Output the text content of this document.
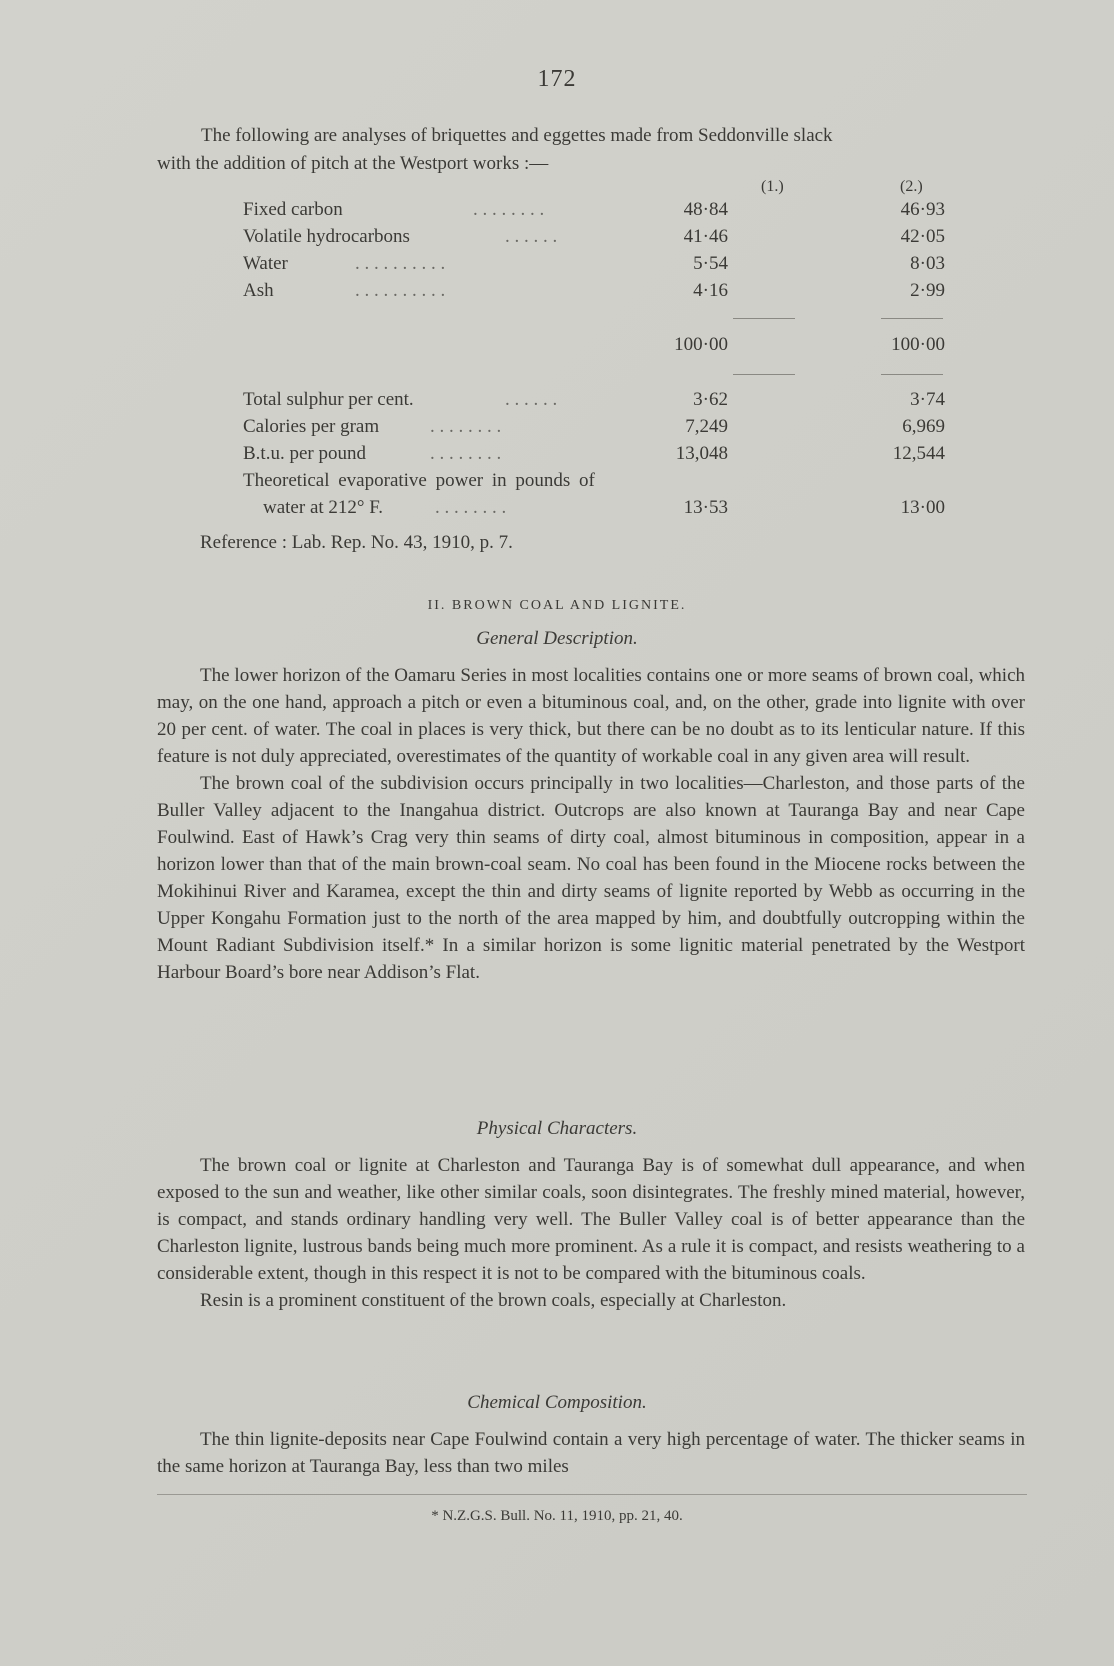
172
The following are analyses of briquettes and eggettes made from Seddonville slack
with the addition of pitch at the Westport works :—
(1.)	(2.)
Fixed carbon	. . . . . . . .	48·84	46·93
Volatile hydrocarbons	. . . . . .	41·46	42·05
Water	. . . . . . . . . .	5·54	8·03
Ash	. . . . . . . . . .	4·16	2·99
100·00	100·00
Total sulphur per cent.	. . . . . .	3·62	3·74
Calories per gram	. . . . . . . .	7,249	6,969
B.t.u. per pound	. . . . . . . .	13,048	12,544
Theoretical evaporative power in pounds of
water at 212° F.	. . . . . . . .	13·53	13·00
Reference : Lab. Rep. No. 43, 1910, p. 7.
II. BROWN COAL AND LIGNITE.
General Description.

The lower horizon of the Oamaru Series in most localities contains one or more seams of brown coal, which may, on the one hand, approach a pitch or even a bituminous coal, and, on the other, grade into lignite with over 20 per cent. of water. The coal in places is very thick, but there can be no doubt as to its lenticular nature. If this feature is not duly appreciated, overestimates of the quantity of workable coal in any given area will result.

The brown coal of the subdivision occurs principally in two localities—Charleston, and those parts of the Buller Valley adjacent to the Inangahua district. Outcrops are also known at Tauranga Bay and near Cape Foulwind. East of Hawk’s Crag very thin seams of dirty coal, almost bituminous in composition, appear in a horizon lower than that of the main brown-coal seam. No coal has been found in the Miocene rocks between the Mokihinui River and Karamea, except the thin and dirty seams of lignite reported by Webb as occurring in the Upper Kongahu Formation just to the north of the area mapped by him, and doubtfully outcropping within the Mount Radiant Subdivision itself.* In a similar horizon is some lignitic material penetrated by the Westport Harbour Board’s bore near Addison’s Flat.

Physical Characters.

The brown coal or lignite at Charleston and Tauranga Bay is of somewhat dull appearance, and when exposed to the sun and weather, like other similar coals, soon disintegrates. The freshly mined material, however, is compact, and stands ordinary handling very well. The Buller Valley coal is of better appearance than the Charleston lignite, lustrous bands being much more prominent. As a rule it is compact, and resists weathering to a considerable extent, though in this respect it is not to be compared with the bituminous coals.

Resin is a prominent constituent of the brown coals, especially at Charleston.

Chemical Composition.

The thin lignite-deposits near Cape Foulwind contain a very high percentage of water. The thicker seams in the same horizon at Tauranga Bay, less than two miles

* N.Z.G.S. Bull. No. 11, 1910, pp. 21, 40.
